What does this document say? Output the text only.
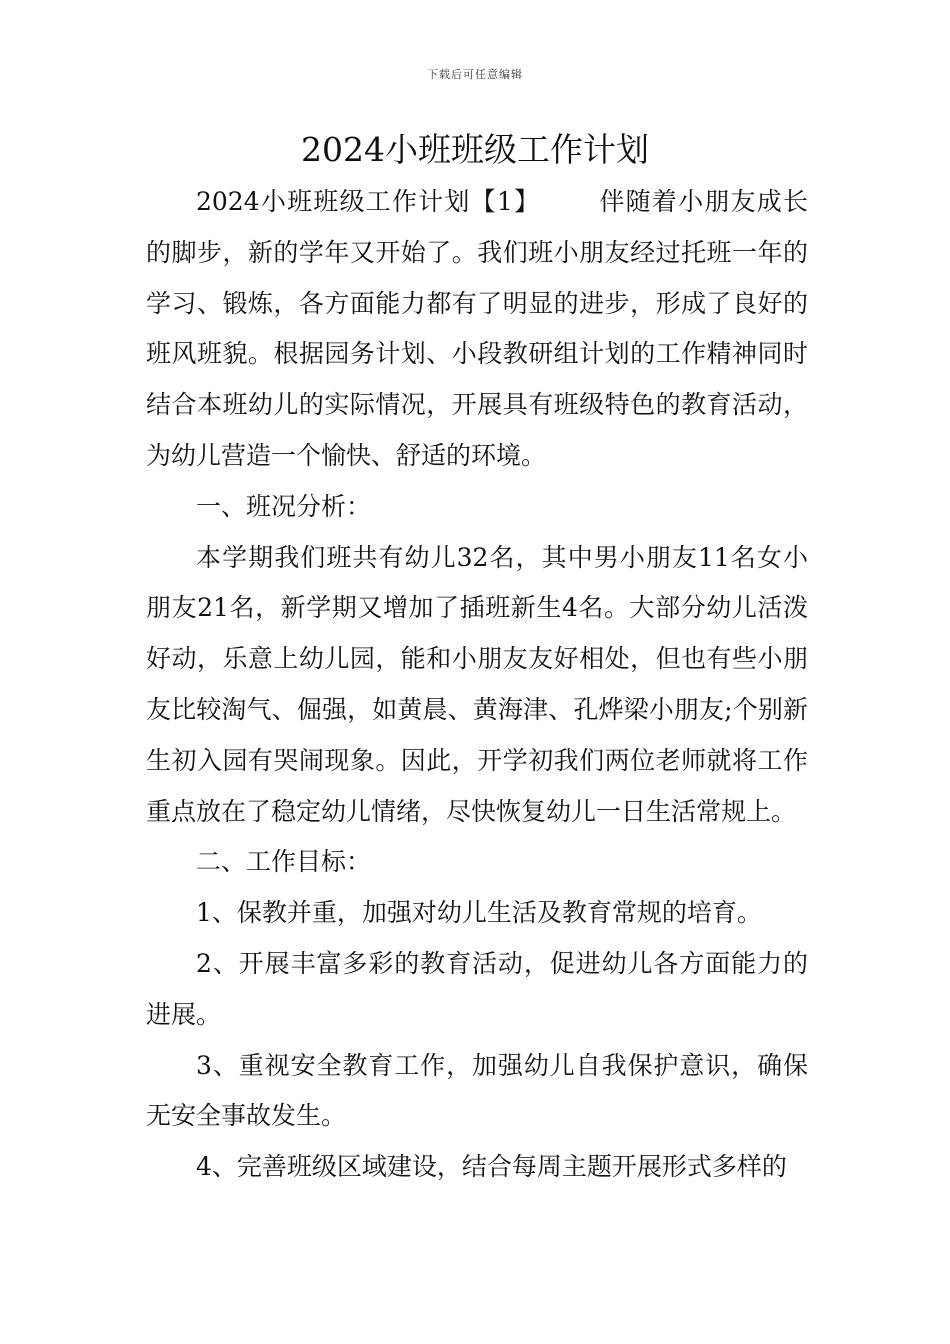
下载后可任意编辑
2024小班班级工作计划

2024小班班级工作计划【1】 伴随着小朋友成长的脚步，新的学年又开始了。我们班小朋友经过托班一年的学习、锻炼，各方面能力都有了明显的进步，形成了良好的班风班貌。根据园务计划、小段教研组计划的工作精神同时结合本班幼儿的实际情况，开展具有班级特色的教育活动，为幼儿营造一个愉快、舒适的环境。

一、班况分析：

本学期我们班共有幼儿32名，其中男小朋友11名女小朋友21名，新学期又增加了插班新生4名。大部分幼儿活泼好动，乐意上幼儿园，能和小朋友友好相处，但也有些小朋友比较淘气、倔强，如黄晨、黄海津、孔烨梁小朋友;个别新生初入园有哭闹现象。因此，开学初我们两位老师就将工作重点放在了稳定幼儿情绪，尽快恢复幼儿一日生活常规上。

二、工作目标：

1、保教并重，加强对幼儿生活及教育常规的培育。

2、开展丰富多彩的教育活动，促进幼儿各方面能力的进展。

3、重视安全教育工作，加强幼儿自我保护意识，确保无安全事故发生。

4、完善班级区域建设，结合每周主题开展形式多样的
